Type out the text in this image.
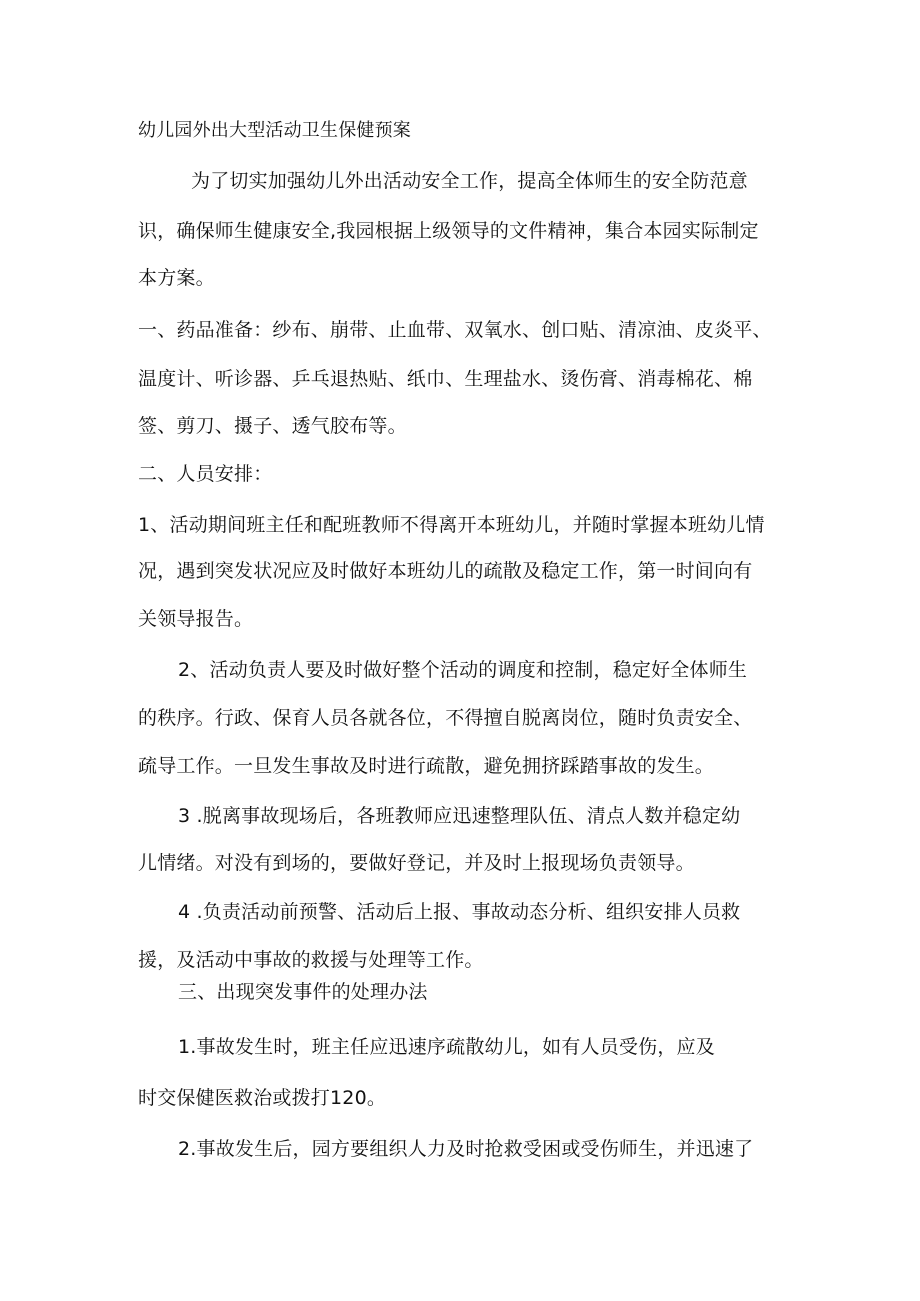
幼儿园外出大型活动卫生保健预案
为了切实加强幼儿外出活动安全工作，提高全体师生的安全防范意
识，确保师生健康安全,我园根据上级领导的文件精神，集合本园实际制定
本方案。
一、药品准备：纱布、崩带、止血带、双氧水、创口贴、清凉油、皮炎平、
温度计、听诊器、乒乓退热贴、纸巾、生理盐水、烫伤膏、消毒棉花、棉
签、剪刀、摄子、透气胶布等。
二、人员安排：
1、活动期间班主任和配班教师不得离开本班幼儿，并随时掌握本班幼儿情
况，遇到突发状况应及时做好本班幼儿的疏散及稳定工作，第一时间向有
关领导报告。
2、活动负责人要及时做好整个活动的调度和控制，稳定好全体师生
的秩序。行政、保育人员各就各位，不得擅自脱离岗位，随时负责安全、
疏导工作。一旦发生事故及时进行疏散，避免拥挤踩踏事故的发生。
3 .脱离事故现场后，各班教师应迅速整理队伍、清点人数并稳定幼
儿情绪。对没有到场的，要做好登记，并及时上报现场负责领导。
4 .负责活动前预警、活动后上报、事故动态分析、组织安排人员救
援，及活动中事故的救援与处理等工作。
三、出现突发事件的处理办法
1.事故发生时，班主任应迅速序疏散幼儿，如有人员受伤，应及
时交保健医救治或拨打120。
2.事故发生后，园方要组织人力及时抢救受困或受伤师生，并迅速了
